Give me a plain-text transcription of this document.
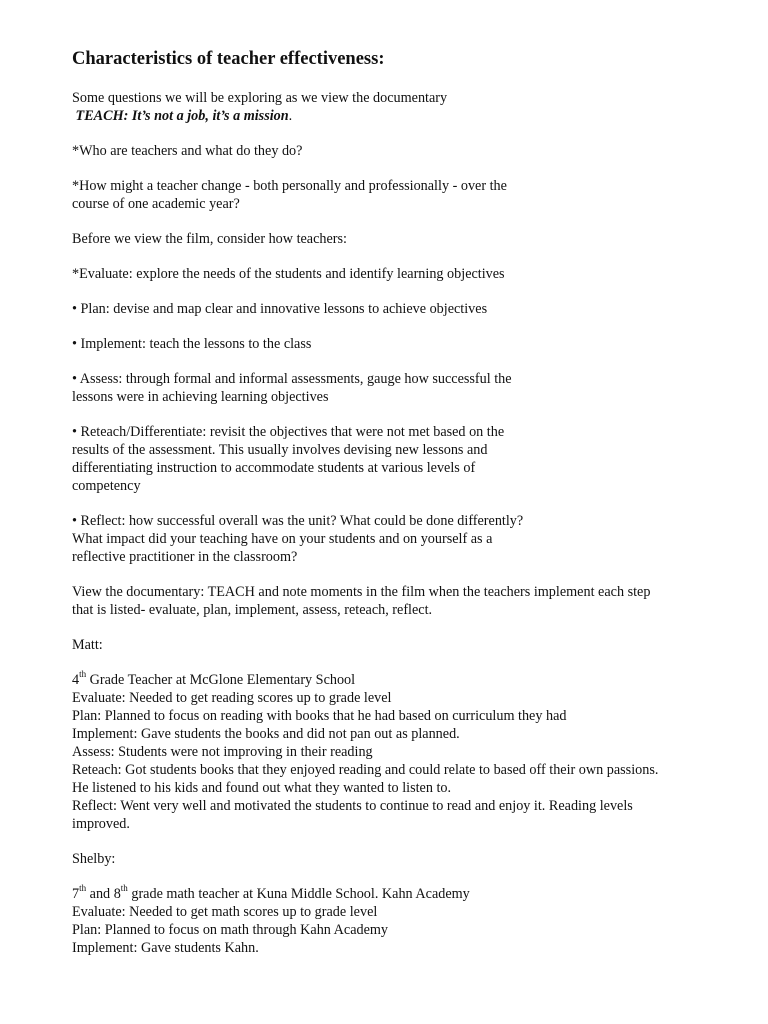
Characteristics of teacher effectiveness:
Some questions we will be exploring as we view the documentary
TEACH: It’s not a job, it’s a mission.
*Who are teachers and what do they do?
*How might a teacher change - both personally and professionally - over the
course of one academic year?
Before we view the film, consider how teachers:
*Evaluate: explore the needs of the students and identify learning objectives
• Plan: devise and map clear and innovative lessons to achieve objectives
• Implement: teach the lessons to the class
• Assess: through formal and informal assessments, gauge how successful the
lessons were in achieving learning objectives
• Reteach/Differentiate: revisit the objectives that were not met based on the
results of the assessment. This usually involves devising new lessons and
differentiating instruction to accommodate students at various levels of
competency
• Reflect: how successful overall was the unit? What could be done differently?
What impact did your teaching have on your students and on yourself as a
reflective practitioner in the classroom?
View the documentary: TEACH and note moments in the film when the teachers implement each step
that is listed- evaluate, plan, implement, assess, reteach, reflect.
Matt:
4th Grade Teacher at McGlone Elementary School
Evaluate: Needed to get reading scores up to grade level
Plan: Planned to focus on reading with books that he had based on curriculum they had
Implement: Gave students the books and did not pan out as planned.
Assess: Students were not improving in their reading
Reteach: Got students books that they enjoyed reading and could relate to based off their own passions.
He listened to his kids and found out what they wanted to listen to.
Reflect: Went very well and motivated the students to continue to read and enjoy it. Reading levels
improved.
Shelby:
7th and 8th grade math teacher at Kuna Middle School. Kahn Academy
Evaluate: Needed to get math scores up to grade level
Plan: Planned to focus on math through Kahn Academy
Implement: Gave students Kahn.
